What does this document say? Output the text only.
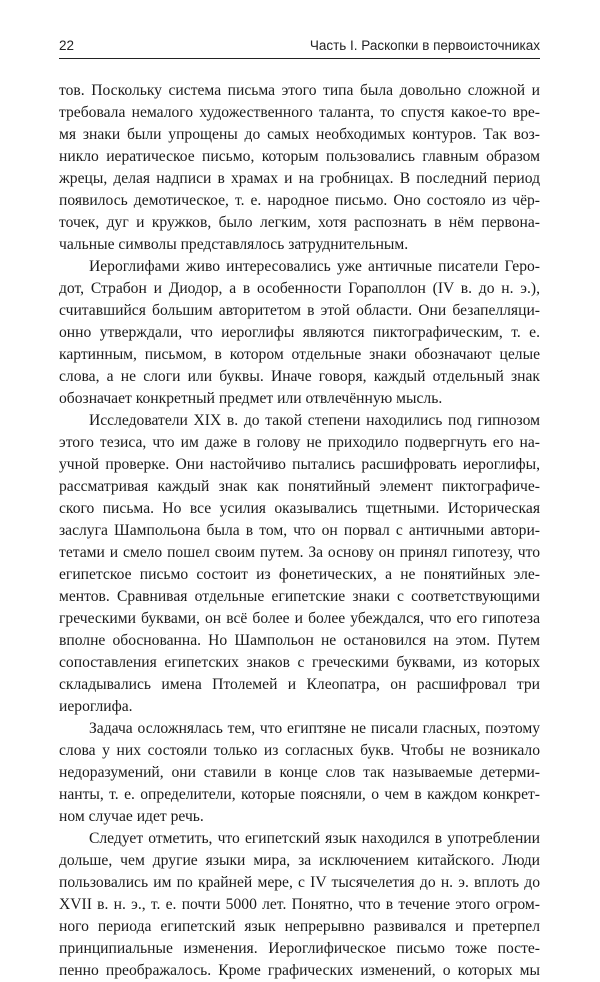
22	Часть I. Раскопки в первоисточниках

тов. Поскольку система письма этого типа была довольно сложной и
требовала немалого художественного таланта, то спустя какое-то вре-
мя знаки были упрощены до самых необходимых контуров. Так воз-
никло иератическое письмо, которым пользовались главным образом
жрецы, делая надписи в храмах и на гробницах. В последний период
появилось демотическое, т. е. народное письмо. Оно состояло из чёр-
точек, дуг и кружков, было легким, хотя распознать в нём первона-
чальные символы представлялось затруднительным.

Иероглифами живо интересовались уже античные писатели Геро-
дот, Страбон и Диодор, а в особенности Гораполлон (IV в. до н. э.),
считавшийся большим авторитетом в этой области. Они безапелляци-
онно утверждали, что иероглифы являются пиктографическим, т. е.
картинным, письмом, в котором отдельные знаки обозначают целые
слова, а не слоги или буквы. Иначе говоря, каждый отдельный знак
обозначает конкретный предмет или отвлечённую мысль.

Исследователи XIX в. до такой степени находились под гипнозом
этого тезиса, что им даже в голову не приходило подвергнуть его на-
учной проверке. Они настойчиво пытались расшифровать иероглифы,
рассматривая каждый знак как понятийный элемент пиктографиче-
ского письма. Но все усилия оказывались тщетными. Историческая
заслуга Шампольона была в том, что он порвал с античными автори-
тетами и смело пошел своим путем. За основу он принял гипотезу, что
египетское письмо состоит из фонетических, а не понятийных эле-
ментов. Сравнивая отдельные египетские знаки с соответствующими
греческими буквами, он всё более и более убеждался, что его гипотеза
вполне обоснованна. Но Шампольон не остановился на этом. Путем
сопоставления египетских знаков с греческими буквами, из которых
складывались имена Птолемей и Клеопатра, он расшифровал три
иероглифа.

Задача осложнялась тем, что египтяне не писали гласных, поэтому
слова у них состояли только из согласных букв. Чтобы не возникало
недоразумений, они ставили в конце слов так называемые детерми-
нанты, т. е. определители, которые поясняли, о чем в каждом конкрет-
ном случае идет речь.

Следует отметить, что египетский язык находился в употреблении
дольше, чем другие языки мира, за исключением китайского. Люди
пользовались им по крайней мере, с IV тысячелетия до н. э. вплоть до
XVII в. н. э., т. е. почти 5000 лет. Понятно, что в течение этого огром-
ного периода египетский язык непрерывно развивался и претерпел
принципиальные изменения. Иероглифическое письмо тоже посте-
пенно преображалось. Кроме графических изменений, о которых мы
